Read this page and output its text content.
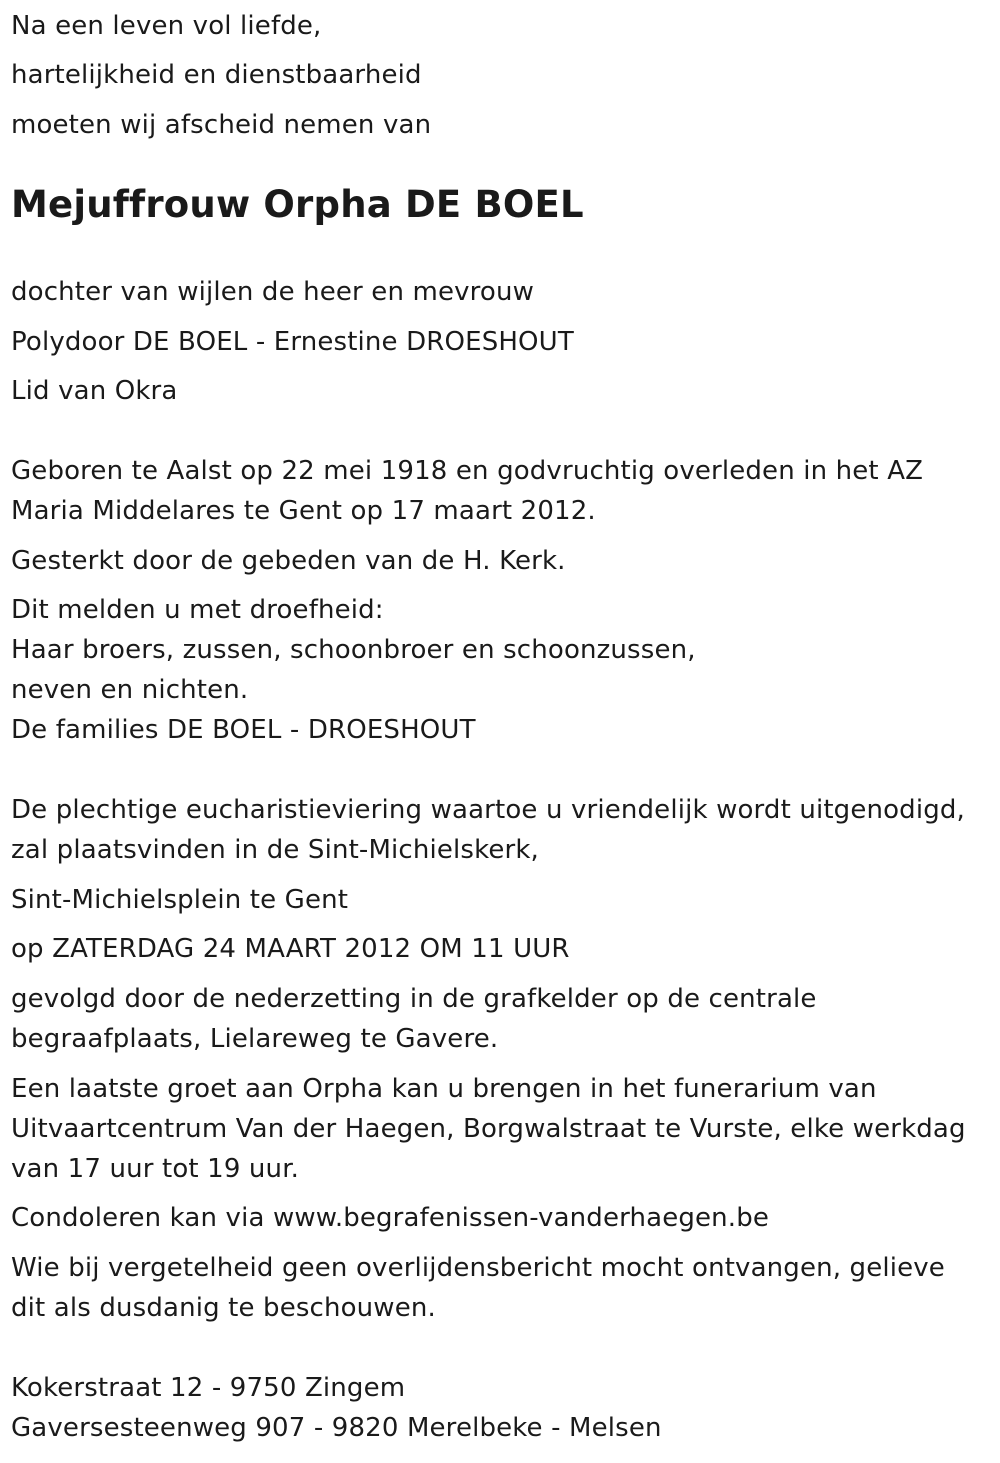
Na een leven vol liefde,

hartelijkheid en dienstbaarheid

moeten wij afscheid nemen van

Mejuffrouw Orpha DE BOEL

dochter van wijlen de heer en mevrouw

Polydoor DE BOEL - Ernestine DROESHOUT

Lid van Okra

Geboren te Aalst op 22 mei 1918 en godvruchtig overleden in het AZ

Maria Middelares te Gent op 17 maart 2012.

Gesterkt door de gebeden van de H. Kerk.

Dit melden u met droefheid:

Haar broers, zussen, schoonbroer en schoonzussen,

neven en nichten.

De families DE BOEL - DROESHOUT

De plechtige eucharistieviering waartoe u vriendelijk wordt uitgenodigd,

zal plaatsvinden in de Sint-Michielskerk,

Sint-Michielsplein te Gent

op ZATERDAG 24 MAART 2012 OM 11 UUR

gevolgd door de nederzetting in de grafkelder op de centrale

begraafplaats, Lielareweg te Gavere.

Een laatste groet aan Orpha kan u brengen in het funerarium van

Uitvaartcentrum Van der Haegen, Borgwalstraat te Vurste, elke werkdag

van 17 uur tot 19 uur.

Condoleren kan via www.begrafenissen-vanderhaegen.be

Wie bij vergetelheid geen overlijdensbericht mocht ontvangen, gelieve

dit als dusdanig te beschouwen.

Kokerstraat 12 - 9750 Zingem

Gaversesteenweg 907 - 9820 Merelbeke - Melsen
